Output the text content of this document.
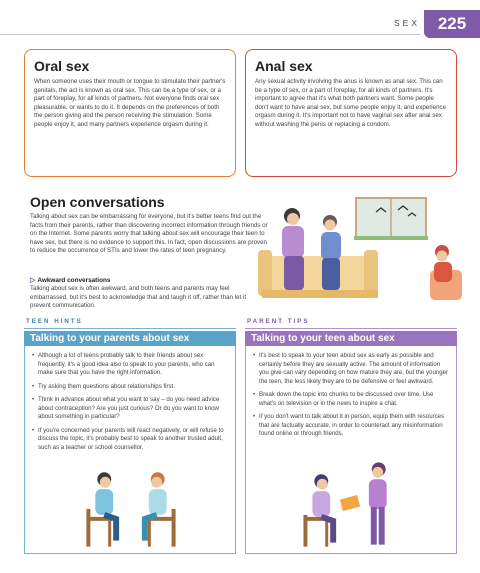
SEX	225
Oral sex

When someone uses their mouth or tongue to stimulate their partner's genitals, the act is known as oral sex. This can be a type of sex, or a part of foreplay, for all kinds of partners. Not everyone finds oral sex pleasurable, or wants to do it. It depends on the preferences of both the person giving and the person receiving the stimulation. Some people enjoy it, and many partners experience orgasm during it.

Anal sex

Any sexual activity involving the anus is known as anal sex. This can be a type of sex, or a part of foreplay, for all kinds of partners. It's important to agree that it's what both partners want. Some people don't want to have anal sex, but some people enjoy it, and experience orgasm during it. It's important not to have vaginal sex after anal sex without washing the penis or replacing a condom.

Open conversations

Talking about sex can be embarrassing for everyone, but it's better teens find out the facts from their parents, rather than discovering incorrect information through friends or on the Internet. Some parents worry that talking about sex will encourage their teen to have sex, but there is no evidence to support this. In fact, open discussions are proven to reduce the occurrence of STIs and lower the rates of teen pregnancy.

▷ Awkward conversations

Talking about sex is often awkward, and both teens and parents may feel embarrassed, but it's best to acknowledge that and laugh it off, rather than let it prevent communication.

TEEN HINTS
Talking to your parents about sex
• Although a lot of teens probably talk to their friends about sex frequently, it's a good idea also to speak to your parents, who can make sure that you have the right information.
• Try asking them questions about relationships first.
• Think in advance about what you want to say – do you need advice about contraception? Are you just curious? Or do you want to know about something in particular?
• If you're concerned your parents will react negatively, or will refuse to discuss the topic, it's probably best to speak to another trusted adult, such as a teacher or school counsellor.
PARENT TIPS
Talking to your teen about sex
• It's best to speak to your teen about sex as early as possible and certainly before they are sexually active. The amount of information you give can vary depending on how mature they are, but the younger the teen, the less likely they are to be defensive or feel awkward.
• Break down the topic into chunks to be discussed over time. Use what's on television or in the news to inspire a chat.
• If you don't want to talk about it in person, equip them with resources that are factually accurate, in order to counteract any misinformation found online or through friends.
